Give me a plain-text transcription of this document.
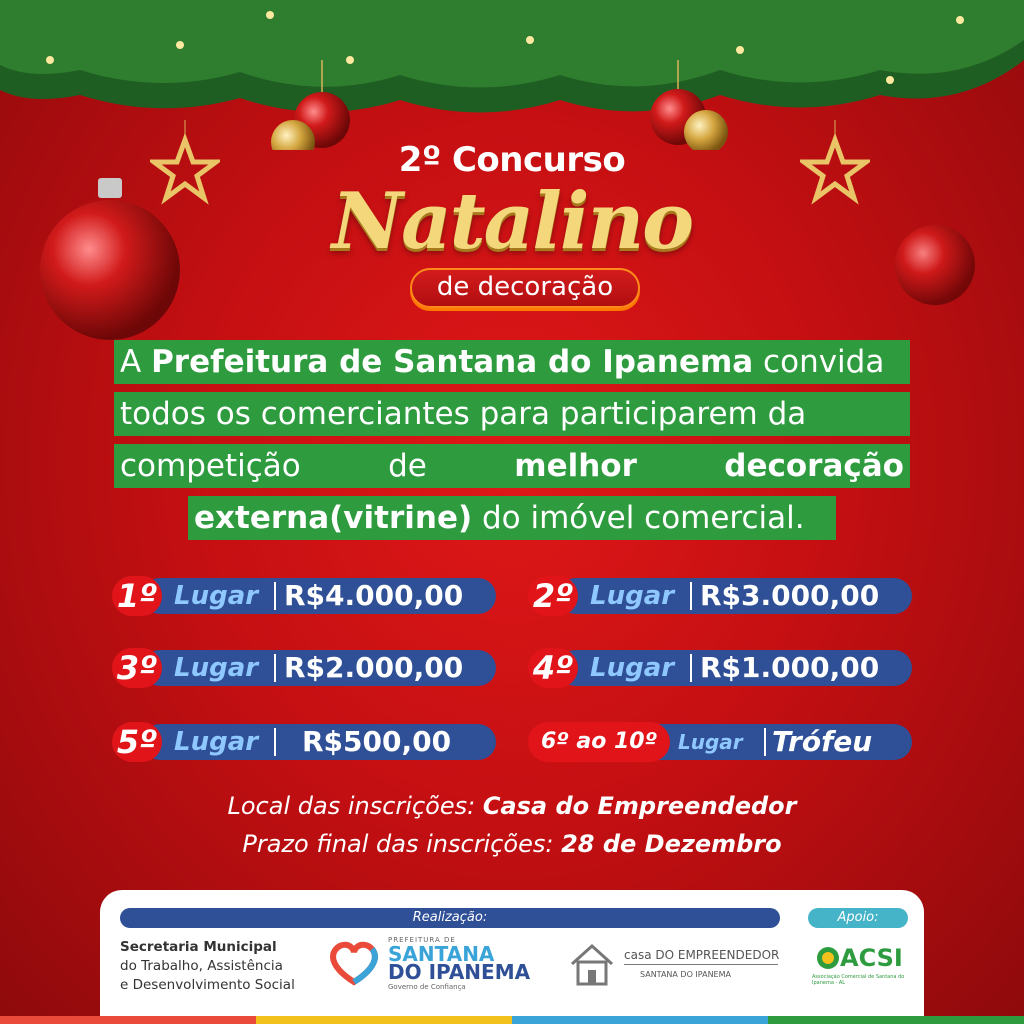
2º Concurso
Natalino
de decoração
A Prefeitura de Santana do Ipanema convida
todos os comerciantes para participarem da
competição	de	melhor	decoração
externa(vitrine) do imóvel comercial.
1º Lugar R$4.000,00 2º Lugar R$3.000,00
3º Lugar R$2.000,00 4º Lugar R$1.000,00
5º Lugar R$500,00	6º ao 10º	Lugar Trófeu
Local das inscrições: Casa do Empreendedor
Prazo final das inscrições: 28 de Dezembro
Realização:	Apoio:
Secretaria Municipal
do Trabalho, Assistência
e Desenvolvimento Social
PREFEITURA DE
SANTANA
DO IPANEMA
Governo de Confiança
casa DO EMPREENDEDOR
SANTANA DO IPANEMA
ACSI
Associação Comercial de Santana do Ipanema - AL
